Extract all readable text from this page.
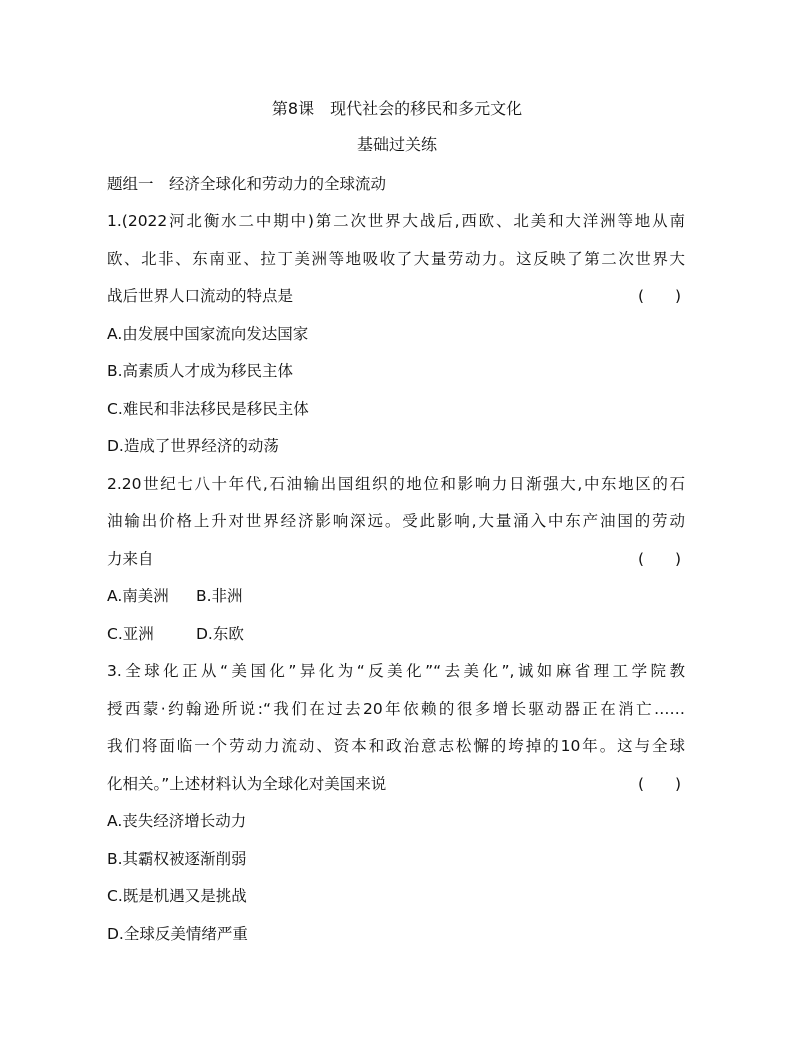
第8课　现代社会的移民和多元文化
基础过关练
题组一　经济全球化和劳动力的全球流动
1.(2022河北衡水二中期中)第二次世界大战后,西欧、北美和大洋洲等地从南
欧、北非、东南亚、拉丁美洲等地吸收了大量劳动力。这反映了第二次世界大
战后世界人口流动的特点是	(　　)
A.由发展中国家流向发达国家
B.高素质人才成为移民主体
C.难民和非法移民是移民主体
D.造成了世界经济的动荡
2.20世纪七八十年代,石油输出国组织的地位和影响力日渐强大,中东地区的石
油输出价格上升对世界经济影响深远。受此影响,大量涌入中东产油国的劳动
力来自	(　　)
A.南美洲 B.非洲
C.亚洲	D.东欧
3.全球化正从“美国化”异化为“反美化”“去美化”,诚如麻省理工学院教
授西蒙·约翰逊所说:“我们在过去20年依赖的很多增长驱动器正在消亡……
我们将面临一个劳动力流动、资本和政治意志松懈的垮掉的10年。这与全球
化相关。”上述材料认为全球化对美国来说	(　　)
A.丧失经济增长动力
B.其霸权被逐渐削弱
C.既是机遇又是挑战
D.全球反美情绪严重
